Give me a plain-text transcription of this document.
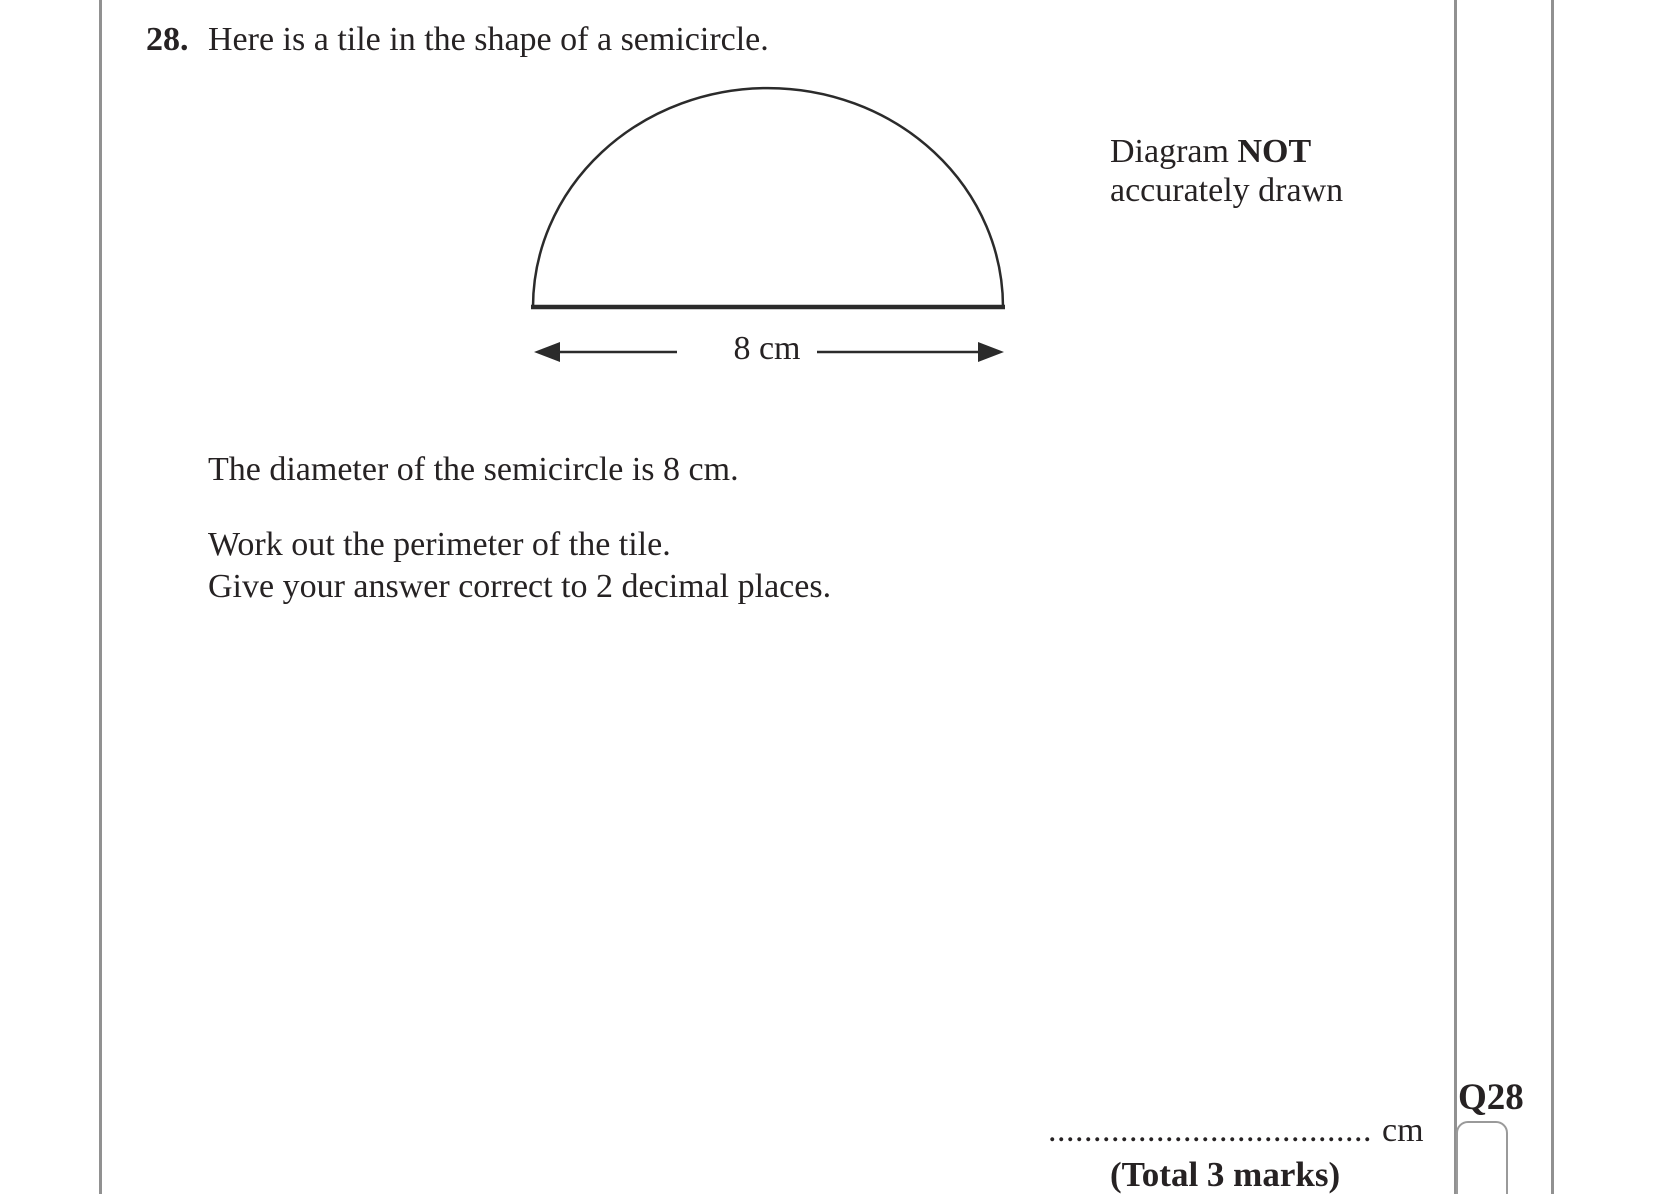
28. Here is a tile in the shape of a semicircle.
8 cm
Diagram NOT
accurately drawn
The diameter of the semicircle is 8 cm.
Work out the perimeter of the tile.
Give your answer correct to 2 decimal places.
.................................... cm
(Total 3 marks)
Q28
